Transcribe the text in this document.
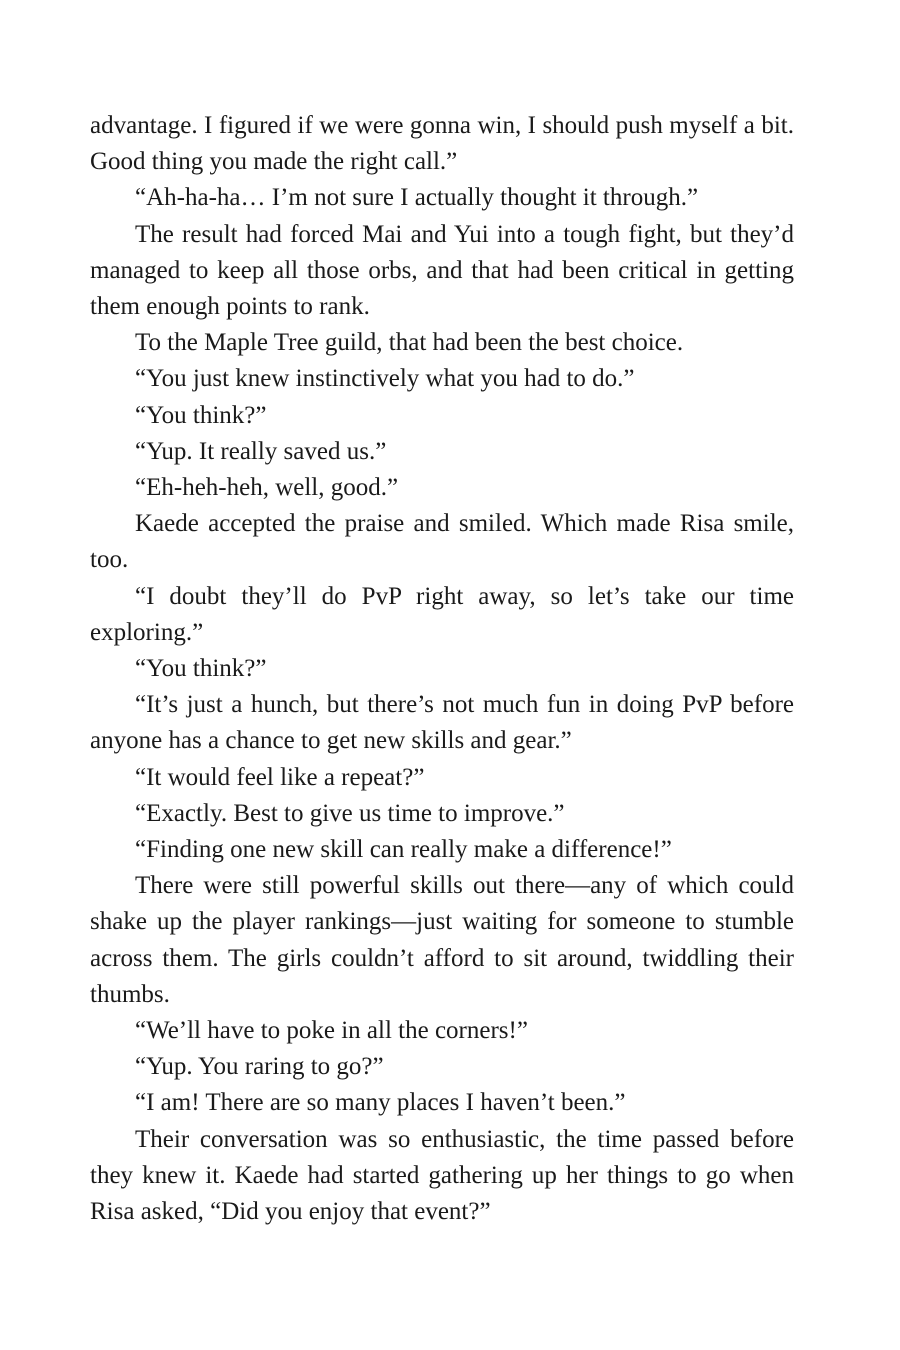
advantage. I figured if we were gonna win, I should push myself a bit. Good thing you made the right call.”

“Ah-ha-ha… I’m not sure I actually thought it through.”

The result had forced Mai and Yui into a tough fight, but they’d managed to keep all those orbs, and that had been critical in getting them enough points to rank.

To the Maple Tree guild, that had been the best choice.

“You just knew instinctively what you had to do.”

“You think?”

“Yup. It really saved us.”

“Eh-heh-heh, well, good.”

Kaede accepted the praise and smiled. Which made Risa smile, too.

“I doubt they’ll do PvP right away, so let’s take our time exploring.”

“You think?”

“It’s just a hunch, but there’s not much fun in doing PvP before anyone has a chance to get new skills and gear.”

“It would feel like a repeat?”

“Exactly. Best to give us time to improve.”

“Finding one new skill can really make a difference!”

There were still powerful skills out there—any of which could shake up the player rankings—just waiting for someone to stumble across them. The girls couldn’t afford to sit around, twiddling their thumbs.

“We’ll have to poke in all the corners!”

“Yup. You raring to go?”

“I am! There are so many places I haven’t been.”

Their conversation was so enthusiastic, the time passed before they knew it. Kaede had started gathering up her things to go when Risa asked, “Did you enjoy that event?”
